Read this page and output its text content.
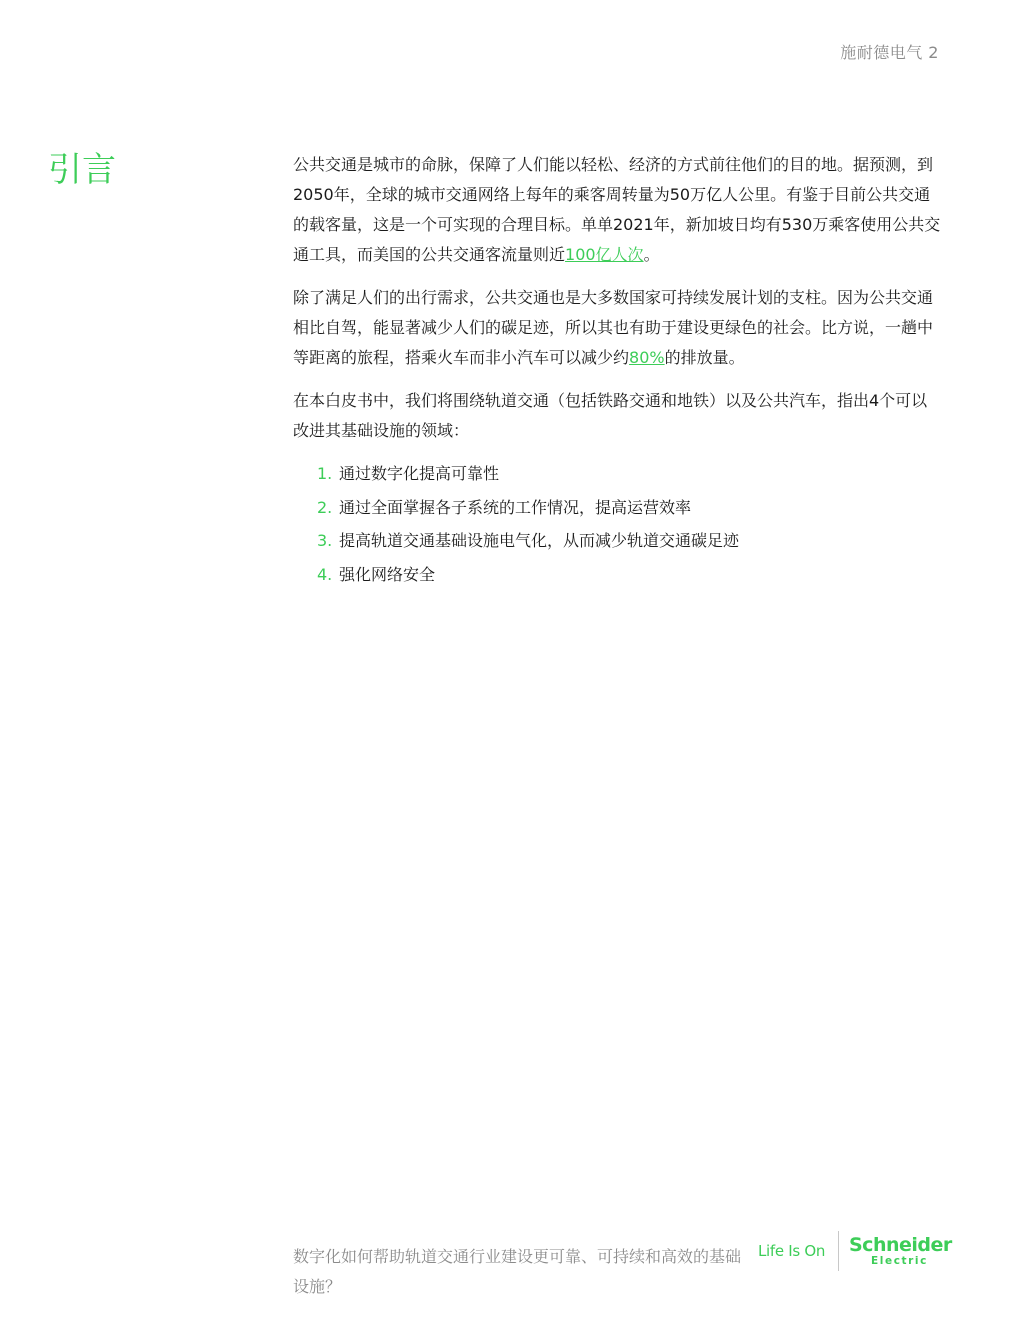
施耐德电气 2
引言	公共交通是城市的命脉，保障了人们能以轻松、经济的方式前往他们的目的地。据预测，到2050年，全球的城市交通网络上每年的乘客周转量为50万亿人公里。有鉴于目前公共交通的载客量，这是一个可实现的合理目标。单单2021年，新加坡日均有530万乘客使用公共交通工具，而美国的公共交通客流量则近100亿人次。

除了满足人们的出行需求，公共交通也是大多数国家可持续发展计划的支柱。因为公共交通相比自驾，能显著减少人们的碳足迹，所以其也有助于建设更绿色的社会。比方说，一趟中等距离的旅程，搭乘火车而非小汽车可以减少约80%的排放量。

在本白皮书中，我们将围绕轨道交通（包括铁路交通和地铁）以及公共汽车，指出4个可以改进其基础设施的领域：

1. 通过数字化提高可靠性
2. 通过全面掌握各子系统的工作情况，提高运营效率
3. 提高轨道交通基础设施电气化，从而减少轨道交通碳足迹
4. 强化网络安全
数字化如何帮助轨道交通行业建设更可靠、可持续和高效的基础设施？
Life Is On	Schneider
Electric
